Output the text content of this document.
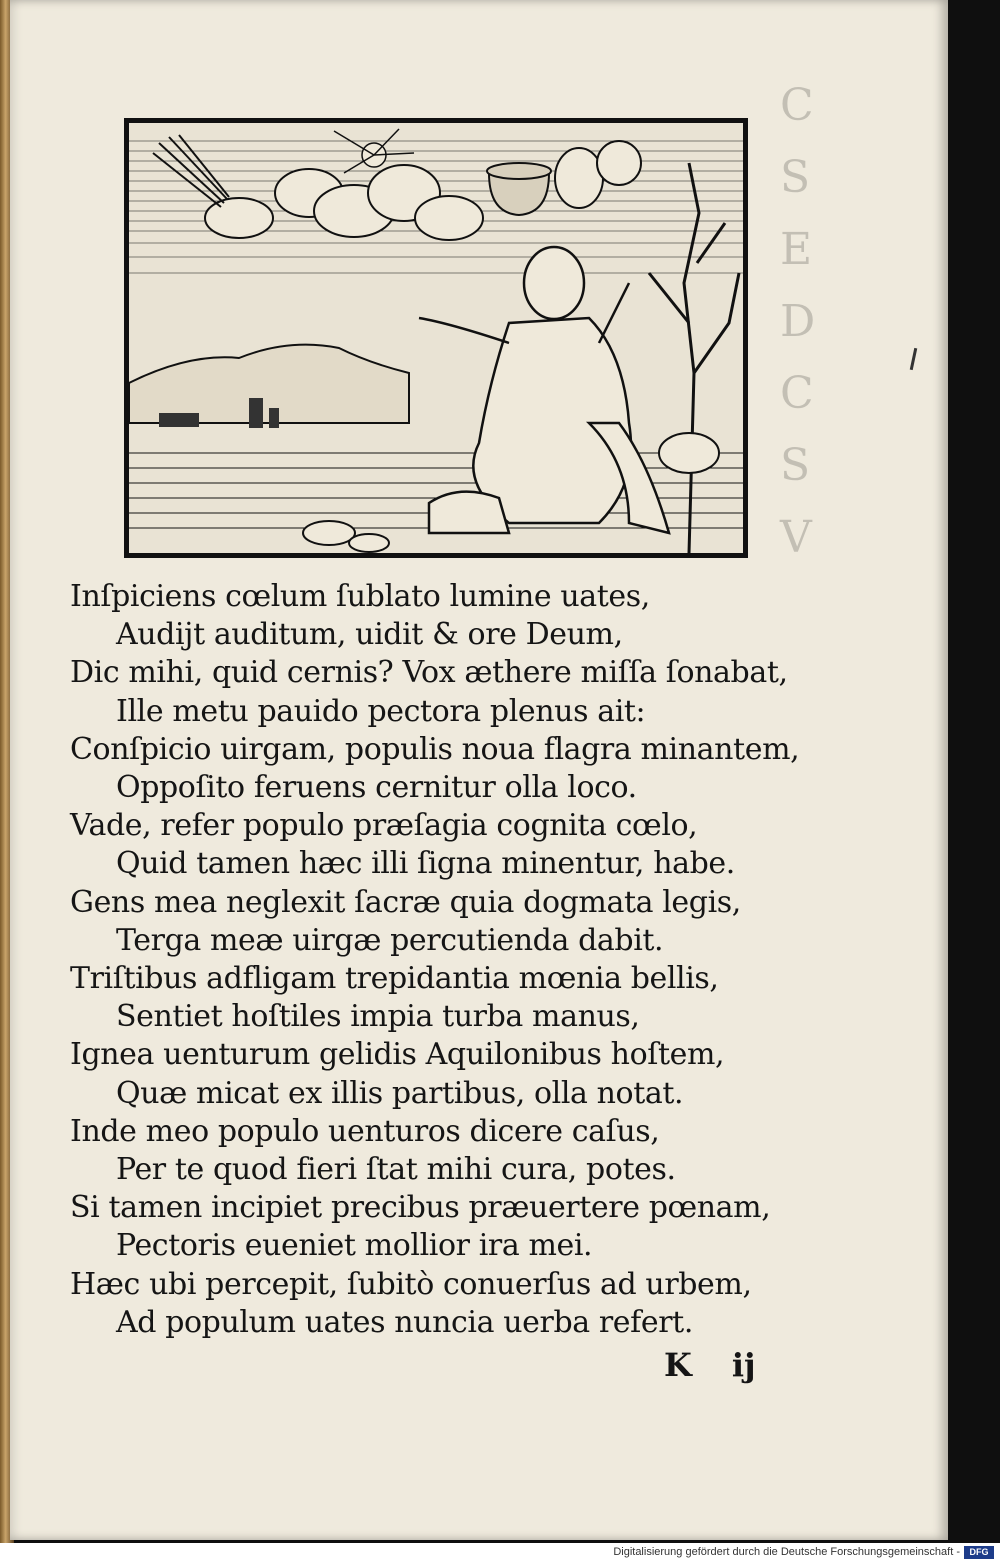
C
S
E
D
C
S
V
Inſpiciens cœlum ſublato lumine uates,
Audijt auditum, uidit & ore Deum,
Dic mihi, quid cernis? Vox æthere miſſa ſonabat,
Ille metu pauido pectora plenus ait:
Conſpicio uirgam, populis noua flagra minantem,
Oppoſito feruens cernitur olla loco.
Vade, refer populo præſagia cognita cœlo,
Quid tamen hæc illi ſigna minentur, habe.
Gens mea neglexit ſacræ quia dogmata legis,
Terga meæ uirgæ percutienda dabit.
Triſtibus adfligam trepidantia mœnia bellis,
Sentiet hoſtiles impia turba manus,
Ignea uenturum gelidis Aquilonibus hoſtem,
Quæ micat ex illis partibus, olla notat.
Inde meo populo uenturos dicere caſus,
Per te quod fieri ſtat mihi cura, potes.
Si tamen incipiet precibus præuertere pœnam,
Pectoris eueniet mollior ira mei.
Hæc ubi percepit, ſubitò conuerſus ad urbem,
Ad populum uates nuncia uerba refert.
K ij
Digitalisierung gefördert durch die Deutsche Forschungsgemeinschaft -	DFG
